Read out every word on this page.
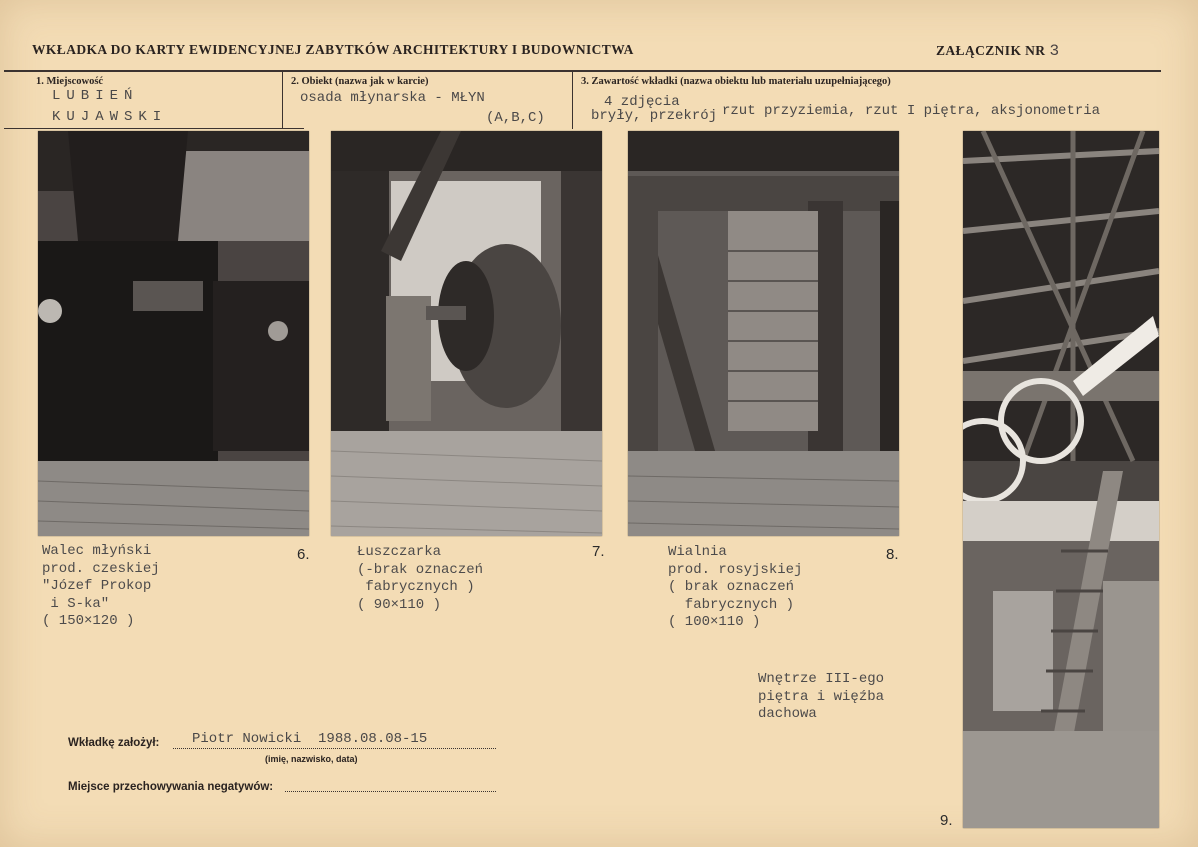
WKŁADKA DO KARTY EWIDENCYJNEJ ZABYTKÓW ARCHITEKTURY I BUDOWNICTWA	ZAŁĄCZNIK NR 3
1. Miejscowość
LUBIEŃ
KUJAWSKI
2. Obiekt (nazwa jak w karcie)
osada młynarska - MŁYN
(A,B,C)
3. Zawartość wkładki (nazwa obiektu lub materiału uzupełniającego)
4 zdjęcia
rzut przyziemia, rzut I piętra, aksjonometria
bryły, przekrój
6.
Walec młyński
prod. czeskiej
"Józef Prokop
i S-ka"
( 150×120 )
7.
Łuszczarka
(-brak oznaczeń
fabrycznych )
( 90×110 )
8.
Wialnia
prod. rosyjskiej
( brak oznaczeń
fabrycznych )
( 100×110 )
9.
Wnętrze III-ego
piętra i więźba
dachowa
Wkładkę założył: Piotr Nowicki  1988.08.08-15
(imię, nazwisko, data)
Miejsce przechowywania negatywów:
